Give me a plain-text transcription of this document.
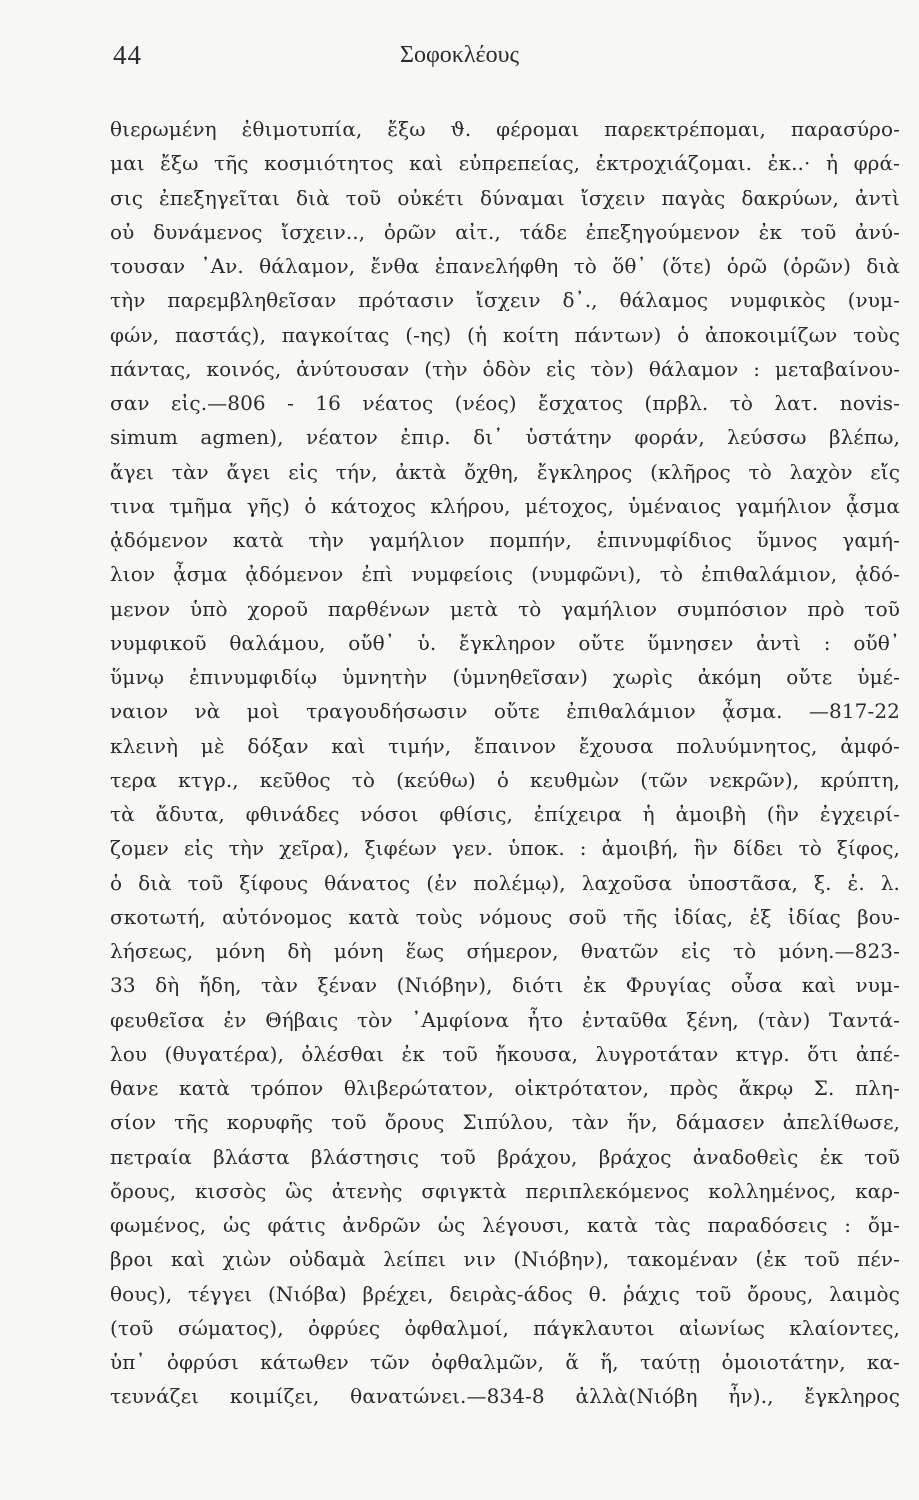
44	Σοφοκλέους
θιερωμένη ἐθιμοτυπία, ἔξω ϑ. φέρομαι παρεκτρέπομαι, παρασύρο-
μαι ἔξω τῆς κοσμιότητος καὶ εὐπρεπείας, ἐκτροχιάζομαι. ἐκ..· ἡ φρά-
σις ἐπεξηγεῖται διὰ τοῦ οὐκέτι δύναμαι ἴσχειν παγὰς δακρύων, ἀντὶ
οὐ δυνάμενος ἴσχειν.., ὁρῶν αἰτ., τάδε ἐπεξηγούμενον ἐκ τοῦ ἀνύ-
τουσαν ᾿Αν. θάλαμον, ἔνθα ἐπανελήφθη τὸ ὅθ᾿ (ὅτε) ὁρῶ (ὁρῶν) διὰ
τὴν παρεμβληθεῖσαν πρότασιν ἴσχειν δ᾿., θάλαμος νυμφικὸς (νυμ-
φών, παστάς), παγκοίτας (-ης) (ἡ κοίτη πάντων) ὁ ἀποκοιμίζων τοὺς
πάντας, κοινός, ἀνύτουσαν (τὴν ὁδὸν εἰς τὸν) θάλαμον : μεταβαίνου-
σαν εἰς.—806 - 16 νέατος (νέος) ἔσχατος (πρβλ. τὸ λατ. novis-
simum agmen), νέατον ἐπιρ. δι᾿ ὑστάτην φοράν, λεύσσω βλέπω,
ἄγει τὰν ἄγει εἰς τήν, ἀκτὰ ὄχθη, ἔγκληρος (κλῆρος τὸ λαχὸν εἴς
τινα τμῆμα γῆς) ὁ κάτοχος κλήρου, μέτοχος, ὑμέναιος γαμήλιον ᾆσμα
ᾀδόμενον κατὰ τὴν γαμήλιον πομπήν, ἐπινυμφίδιος ὕμνος γαμή-
λιον ᾆσμα ᾀδόμενον ἐπὶ νυμφείοις (νυμφῶνι), τὸ ἐπιθαλάμιον, ᾀδό-
μενον ὑπὸ χοροῦ παρθένων μετὰ τὸ γαμήλιον συμπόσιον πρὸ τοῦ
νυμφικοῦ θαλάμου, οὔθ᾿ ὑ. ἔγκληρον οὔτε ὕμνησεν ἀντὶ : οὔθ᾿
ὕμνῳ ἐπινυμφιδίῳ ὑμνητὴν (ὑμνηθεῖσαν) χωρὶς ἀκόμη οὔτε ὑμέ-
ναιον νὰ μοὶ τραγουδήσωσιν οὔτε ἐπιθαλάμιον ᾆσμα. —817-22
κλεινὴ μὲ δόξαν καὶ τιμήν, ἔπαινον ἔχουσα πολυύμνητος, ἀμφό-
τερα κτγρ., κεῦθος τὸ (κεύθω) ὁ κευθμὼν (τῶν νεκρῶν), κρύπτη,
τὰ ἄδυτα, φθινάδες νόσοι φθίσις, ἐπίχειρα ἡ ἀμοιβὴ (ἣν ἐγχειρί-
ζομεν εἰς τὴν χεῖρα), ξιφέων γεν. ὑποκ. : ἀμοιβή, ἣν δίδει τὸ ξίφος,
ὁ διὰ τοῦ ξίφους θάνατος (ἐν πολέμῳ), λαχοῦσα ὑποστᾶσα, ξ. ἐ. λ.
σκοτωτή, αὐτόνομος κατὰ τοὺς νόμους σοῦ τῆς ἰδίας, ἐξ ἰδίας βου-
λήσεως, μόνη δὴ μόνη ἕως σήμερον, θνατῶν εἰς τὸ μόνη.—823-
33 δὴ ἤδη, τὰν ξέναν (Νιόβην), διότι ἐκ Φρυγίας οὖσα καὶ νυμ-
φευθεῖσα ἐν Θήβαις τὸν ᾿Αμφίονα ἦτο ἐνταῦθα ξένη, (τὰν) Ταντά-
λου (θυγατέρα), ὀλέσθαι ἐκ τοῦ ἤκουσα, λυγροτάταν κτγρ. ὅτι ἀπέ-
θανε κατὰ τρόπον θλιβερώτατον, οἰκτρότατον, πρὸς ἄκρῳ Σ. πλη-
σίον τῆς κορυφῆς τοῦ ὄρους Σιπύλου, τὰν ἥν, δάμασεν ἀπελίθωσε,
πετραία βλάστα βλάστησις τοῦ βράχου, βράχος ἀναδοθεὶς ἐκ τοῦ
ὄρους, κισσὸς ὣς ἀτενὴς σφιγκτὰ περιπλεκόμενος κολλημένος, καρ-
φωμένος, ὡς φάτις ἀνδρῶν ὡς λέγουσι, κατὰ τὰς παραδόσεις : ὄμ-
βροι καὶ χιὼν οὐδαμὰ λείπει νιν (Νιόβην), τακομέναν (ἐκ τοῦ πέν-
θους), τέγγει (Νιόβα) βρέχει, δειρὰς-άδος θ. ῥάχις τοῦ ὄρους, λαιμὸς
(τοῦ σώματος), ὀφρύες ὀφθαλμοί, πάγκλαυτοι αἰωνίως κλαίοντες,
ὑπ᾿ ὀφρύσι κάτωθεν τῶν ὀφθαλμῶν, ἅ ἥ, ταύτῃ ὁμοιοτάτην, κα-
τευνάζει κοιμίζει, θανατώνει.—834-8 ἀλλὰ(Νιόβη ἦν)., ἔγκληρος
